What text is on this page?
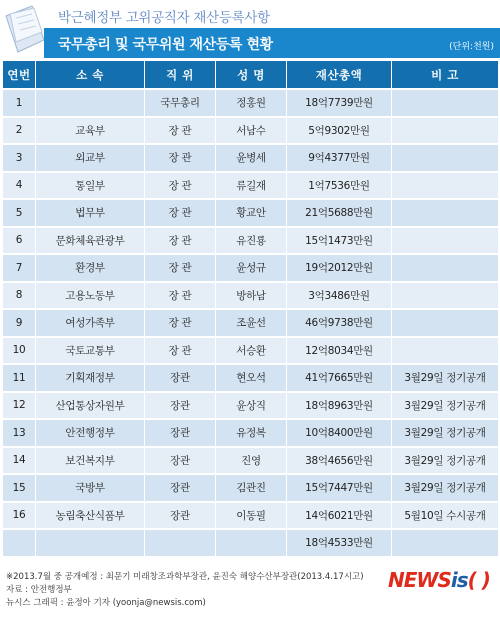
박근혜정부 고위공직자 재산등록사항
국무총리 및 국무위원 재산등록 현황	(단위:천원)
연번	소 속	직 위	성 명	재산총액	비 고
1		국무총리	정홍원	18억7739만원	
2	교육부	장 관	서남수	5억9302만원	
3	외교부	장 관	윤병세	9억4377만원	
4	통일부	장 관	류길재	1억7536만원	
5	법무부	장 관	황교안	21억5688만원	
6	문화체육관광부	장 관	유진룡	15억1473만원	
7	환경부	장 관	윤성규	19억2012만원	
8	고용노동부	장 관	방하남	3억3486만원	
9	여성가족부	장 관	조윤선	46억9738만원	
10	국토교통부	장 관	서승환	12억8034만원	
11	기획재정부	장관	현오석	41억7665만원	3월29일 정기공개
12	산업통상자원부	장관	윤상직	18억8963만원	3월29일 정기공개
13	안전행정부	장관	유정복	10억8400만원	3월29일 정기공개
14	보건복지부	장관	진영	38억4656만원	3월29일 정기공개
15	국방부	장관	김관진	15억7447만원	3월29일 정기공개
16	농림축산식품부	장관	이동필	14억6021만원	5월10일 수시공개
				18억4533만원	
※2013.7월 중 공개예정 : 최문기 미래창조과학부장관, 윤진숙 해양수산부장관(2013.4.17시고)
자료 : 안전행정부
뉴시스 그래픽 : 윤정아 기자 (yoonja@newsis.com)
NEWSis( )
